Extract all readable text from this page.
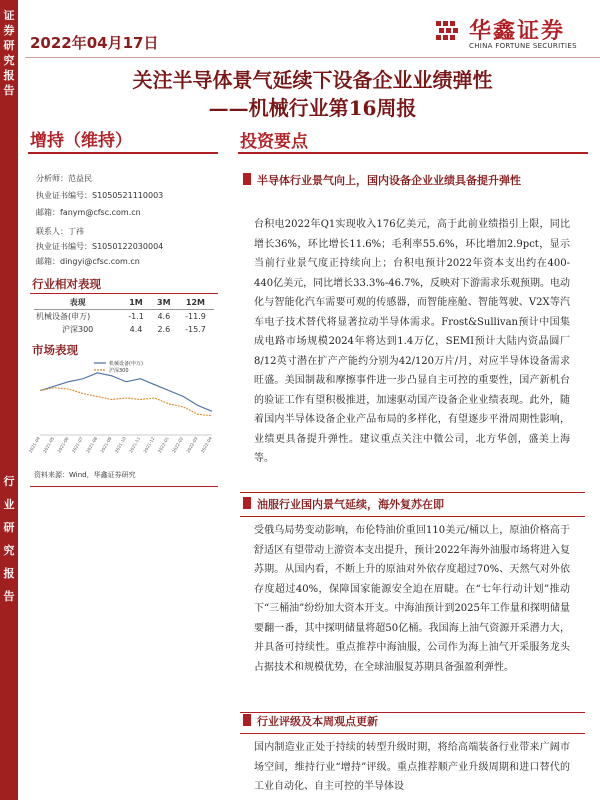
证券研究报告
行业研究报告
2022年04月17日	华鑫证券
CHINA FORTUNE SECURITIES
关注半导体景气延续下设备企业业绩弹性
——机械行业第16周报
增持（维持）	投资要点
分析师：范益民
执业证书编号：S1050521110003
邮箱：fanym@cfsc.com.cn
联系人：丁祎
执业证书编号：S1050122030004
邮箱：dingyi@cfsc.com.cn
行业相对表现
表现	1M	3M	12M
机械设备(申万)	-1.1	4.6	-11.9
沪深300	4.4	2.6	-15.7
市场表现
2021-04 2021-05 2021-06 2021-07 2021-08 2021-09 2021-10 2021-11 2021-12 2022-01 2022-02 2022-03 2022-04
机械设备(申万)
沪深300
资料来源：Wind，华鑫证券研究
半导体行业景气向上，国内设备企业业绩具备提升弹性
台积电2022年Q1实现收入176亿美元，高于此前业绩指引上限，同比增长36%，环比增长11.6%；毛利率55.6%，环比增加2.9pct，显示当前行业景气度正持续向上；台积电预计2022年资本支出约在400-440亿美元，同比增长33.3%-46.7%，反映对下游需求乐观预期。电动化与智能化汽车需要可观的传感器，而智能座舱、智能驾驶、V2X等汽车电子技术替代将显著拉动半导体需求。Frost&Sullivan预计中国集成电路市场规模2024年将达到1.4万亿，SEMI预计大陆内资晶圆厂8/12英寸潜在扩产产能约分别为42/120万片/月，对应半导体设备需求旺盛。美国制裁和摩擦事件进一步凸显自主可控的重要性，国产新机台的验证工作有望积极推进，加速驱动国产设备企业业绩表现。此外，随着国内半导体设备企业产品布局的多样化，有望逐步平滑周期性影响，业绩更具备提升弹性。建议重点关注中微公司，北方华创，盛美上海等。
油服行业国内景气延续，海外复苏在即
受俄乌局势变动影响，布伦特油价重回110美元/桶以上，原油价格高于舒适区有望带动上游资本支出提升，预计2022年海外油服市场将进入复苏期。从国内看，不断上升的原油对外依存度超过70%、天然气对外依存度超过40%，保障国家能源安全迫在眉睫。在“七年行动计划”推动下“三桶油”纷纷加大资本开支。中海油预计到2025年工作量和探明储量要翻一番，其中探明储量将超50亿桶。我国海上油气资源开采潜力大，并具备可持续性。重点推荐中海油服，公司作为海上油气开采服务龙头占据技术和规模优势，在全球油服复苏期具备强盈利弹性。
行业评级及本周观点更新
国内制造业正处于持续的转型升级时期，将给高端装备行业带来广阔市场空间，维持行业“增持”评级。重点推荐顺产业升级周期和进口替代的工业自动化、自主可控的半导体设
